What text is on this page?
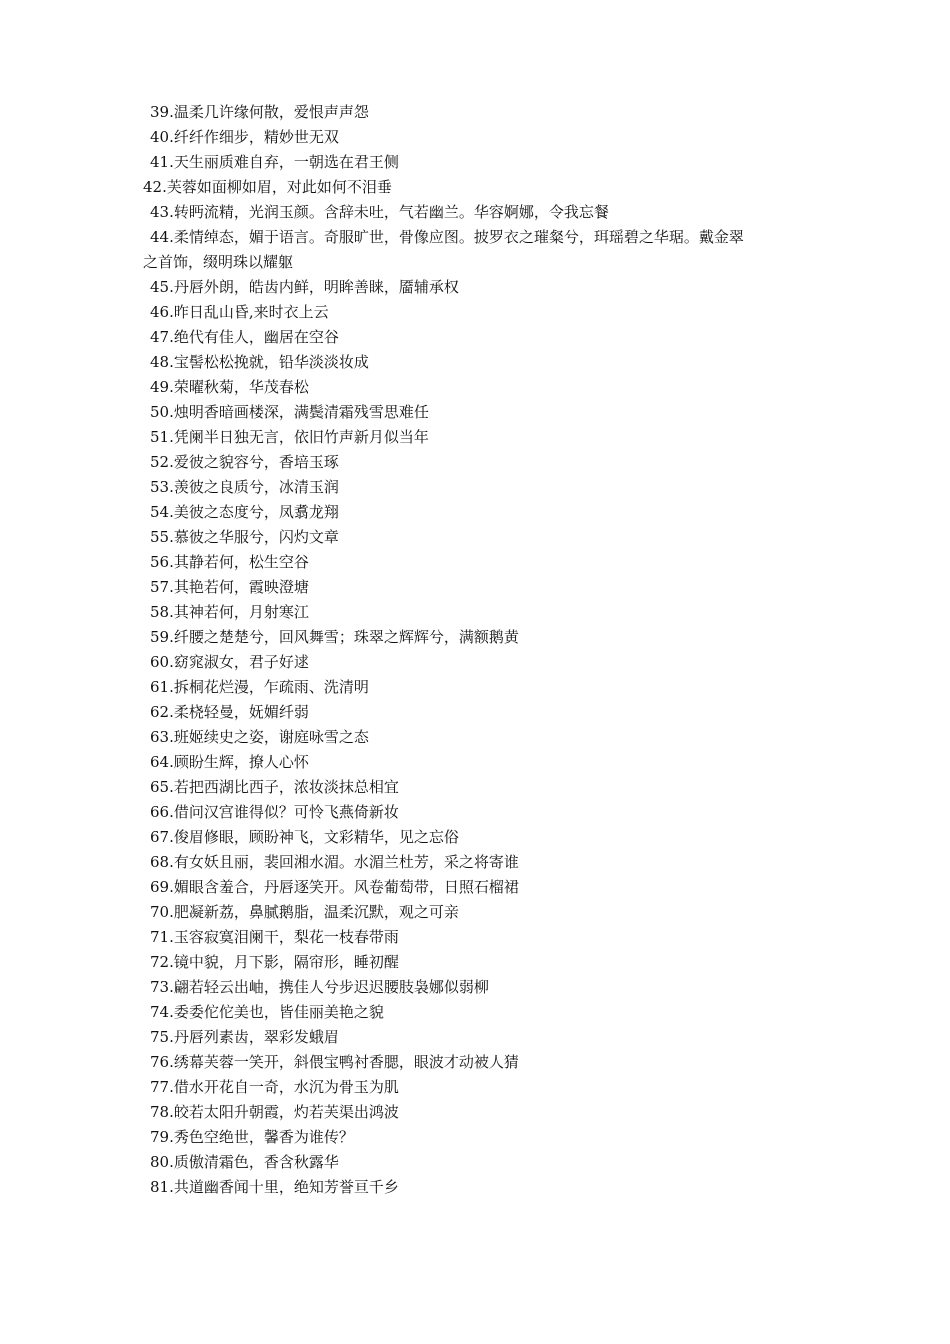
39.温柔几许缘何散，爱恨声声怨
40.纤纤作细步，精妙世无双
41.天生丽质难自弃，一朝选在君王侧
42.芙蓉如面柳如眉，对此如何不泪垂
43.转眄流精，光润玉颜。含辞未吐，气若幽兰。华容婀娜，令我忘餐
44.柔情绰态，媚于语言。奇服旷世，骨像应图。披罗衣之璀粲兮，珥瑶碧之华琚。戴金翠
之首饰，缀明珠以耀躯
45.丹唇外朗，皓齿内鲜，明眸善睐，靥辅承权
46.昨日乱山昏,来时衣上云
47.绝代有佳人，幽居在空谷
48.宝髻松松挽就，铅华淡淡妆成
49.荣曜秋菊，华茂春松
50.烛明香暗画楼深，满鬓清霜残雪思难任
51.凭阑半日独无言，依旧竹声新月似当年
52.爱彼之貌容兮，香培玉琢
53.羡彼之良质兮，冰清玉润
54.美彼之态度兮，凤翥龙翔
55.慕彼之华服兮，闪灼文章
56.其静若何，松生空谷
57.其艳若何，霞映澄塘
58.其神若何，月射寒江
59.纤腰之楚楚兮，回风舞雪；珠翠之辉辉兮，满额鹅黄
60.窈窕淑女，君子好逑
61.拆桐花烂漫，乍疏雨、洗清明
62.柔桡轻曼，妩媚纤弱
63.班姬续史之姿，谢庭咏雪之态
64.顾盼生辉，撩人心怀
65.若把西湖比西子，浓妆淡抹总相宜
66.借问汉宫谁得似？可怜飞燕倚新妆
67.俊眉修眼，顾盼神飞，文彩精华，见之忘俗
68.有女妖且丽，裴回湘水湄。水湄兰杜芳，采之将寄谁
69.媚眼含羞合，丹唇逐笑开。风卷葡萄带，日照石榴裙
70.肥凝新荔，鼻腻鹅脂，温柔沉默，观之可亲
71.玉容寂寞泪阑干，梨花一枝春带雨
72.镜中貌，月下影，隔帘形，睡初醒
73.翩若轻云出岫，携佳人兮步迟迟腰肢袅娜似弱柳
74.委委佗佗美也，皆佳丽美艳之貌
75.丹唇列素齿，翠彩发蛾眉
76.绣幕芙蓉一笑开，斜偎宝鸭衬香腮，眼波才动被人猜
77.借水开花自一奇，水沉为骨玉为肌
78.皎若太阳升朝霞，灼若芙渠出鸿波
79.秀色空绝世，馨香为谁传？
80.质傲清霜色，香含秋露华
81.共道幽香闻十里，绝知芳誉亘千乡
